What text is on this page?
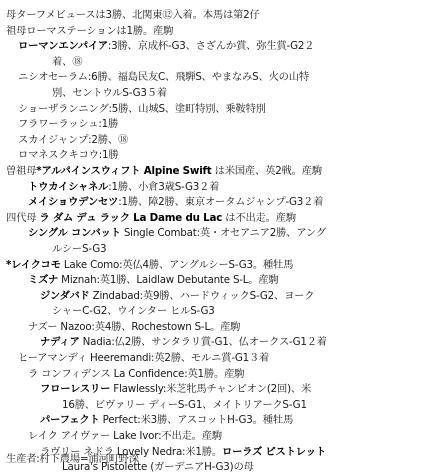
母ターフメビュースは3勝、北関東⑫入着。本馬は第2仔
祖母ローマステーションは1勝。産駒
ローマンエンパイア:3勝、京成杯-G3、さざんか賞、弥生賞-G2２
着、⑱
ニシオセーラム:6勝、福島民友C、飛騨S、やまなみS、火の山特
別、セントウルS-G3５着
ショーザランニング:5勝、山城S、塗町特別、乗鞍特別
フラワーラッシュ:1勝
スカイジャンプ:2勝、⑱
ロマネスクキコウ:1勝
曽祖母*アルパインスウィフト Alpine Swift は米国産、英2戦。産駒
トウカイシャネル:1勝、小倉3歳S-G3２着
メイショウデンセツ:1勝、障2勝、東京オータムジャンプ-G3２着
四代母 ラ ダム デュ ラック La Dame du Lac は不出走。産駒
シングル コンバット Single Combat:英・オセアニア2勝、アング
ルシーS-G3
*レイクコモ Lake Como:英仏4勝、アングルシーS-G3。種牡馬
ミズナ Miznah:英1勝、Laidlaw Debutante S-L。産駒
ジンダバド Zindabad:英9勝、ハードウィックS-G2、ヨーク
シャーC-G2、ウインター ヒルS-G3
ナズー Nazoo:英4勝、Rochestown S-L。産駒
ナディア Nadia:仏2勝、サンタラリ賞-G1、仏オークス-G1２着
ヒーアマンディ Heeremandi:英2勝、モルニ賞-G1３着
ラ コンフィデンス La Confidence:英1勝。産駒
フローレスリー Flawlessly:米芝牝馬チャンピオン(2回)、米
16勝、ビヴァリー ディーS-G1、メイトリアークS-G1
パーフェクト Perfect:米3勝、アスコットH-G3。種牡馬
レイク アイヴァー Lake Ivor:不出走。産駒
ラヴリー ネドラ Lovely Nedra:米1勝。ローラズ ピストレット
Laura's Pistolette (ガーデニアH-G3)の母
生産者:村下農場=浦河町野深
